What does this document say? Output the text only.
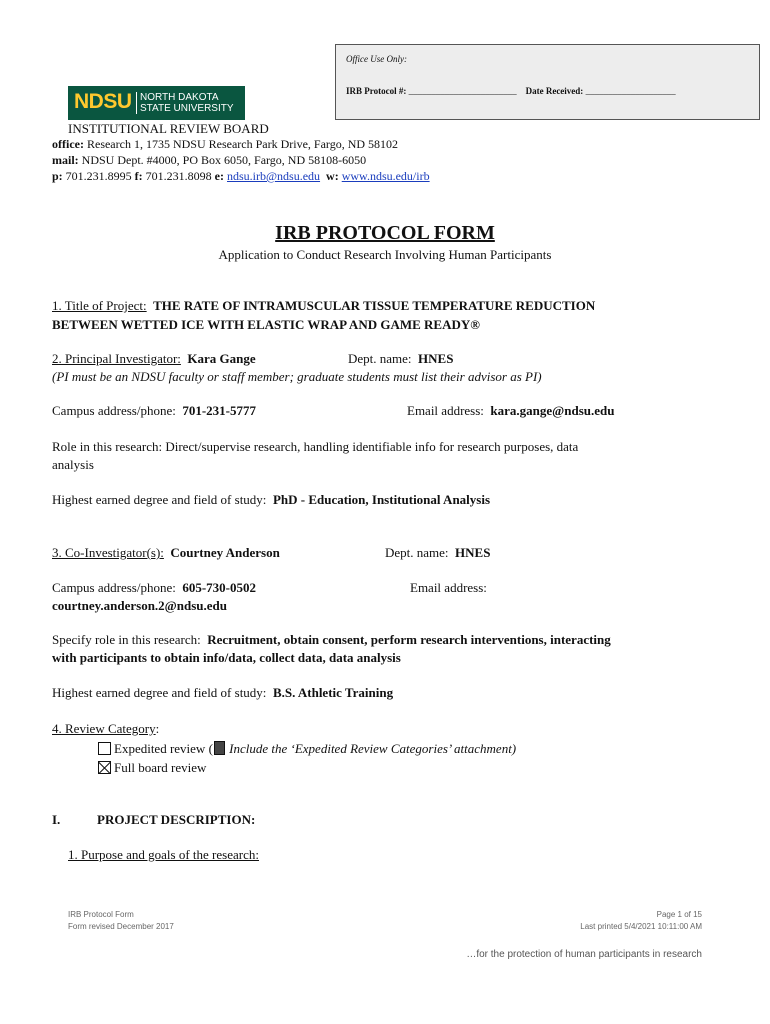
Office Use Only:
IRB Protocol #: ________________________ Date Received: ____________________
NDSU NORTH DAKOTA
STATE UNIVERSITY
INSTITUTIONAL REVIEW BOARD
office: Research 1, 1735 NDSU Research Park Drive, Fargo, ND 58102
mail: NDSU Dept. #4000, PO Box 6050, Fargo, ND 58108-6050
p: 701.231.8995 f: 701.231.8098 e: ndsu.irb@ndsu.edu w: www.ndsu.edu/irb
IRB PROTOCOL FORM
Application to Conduct Research Involving Human Participants
1. Title of Project: THE RATE OF INTRAMUSCULAR TISSUE TEMPERATURE REDUCTION
BETWEEN WETTED ICE WITH ELASTIC WRAP AND GAME READY®
2. Principal Investigator: Kara Gange	Dept. name: HNES
(PI must be an NDSU faculty or staff member; graduate students must list their advisor as PI)
Campus address/phone: 701-231-5777	Email address: kara.gange@ndsu.edu
Role in this research: Direct/supervise research, handling identifiable info for research purposes, data
analysis
Highest earned degree and field of study: PhD - Education, Institutional Analysis
3. Co-Investigator(s): Courtney Anderson	Dept. name: HNES
Campus address/phone: 605-730-0502	Email address:
courtney.anderson.2@ndsu.edu
Specify role in this research: Recruitment, obtain consent, perform research interventions, interacting
with participants to obtain info/data, collect data, data analysis
Highest earned degree and field of study: B.S. Athletic Training
4. Review Category:
Expedited review ( Include the ‘Expedited Review Categories’ attachment)
Full board review
I.	PROJECT DESCRIPTION:
1. Purpose and goals of the research:
IRB Protocol Form
Form revised December 2017
Page 1 of 15
Last printed 5/4/2021 10:11:00 AM
…for the protection of human participants in research
